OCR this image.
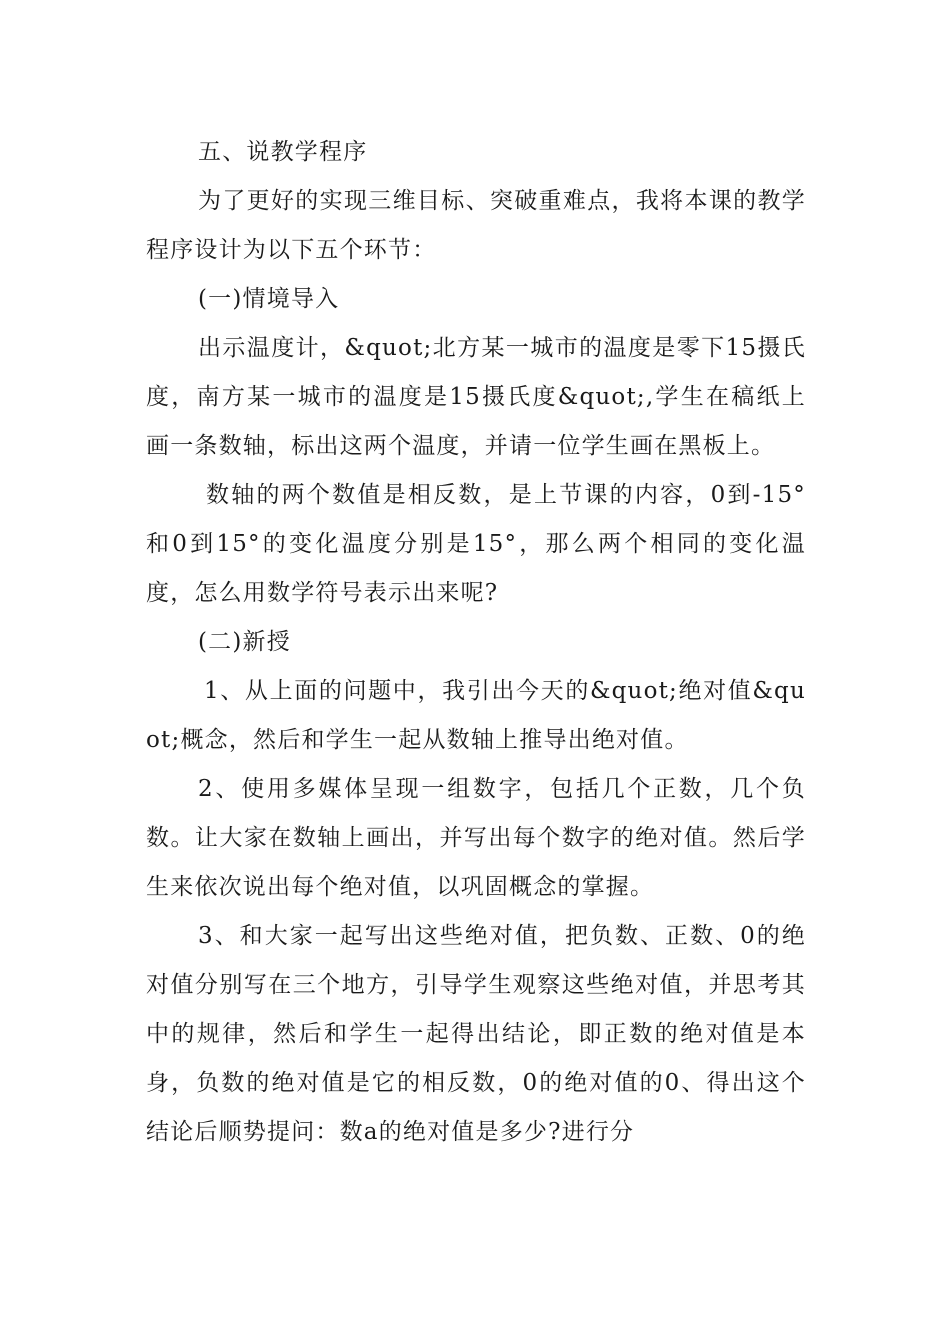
五、说教学程序

为了更好的实现三维目标、突破重难点，我将本课的教学程序设计为以下五个环节：

(一)情境导入

出示温度计，&quot;北方某一城市的温度是零下15摄氏度，南方某一城市的温度是15摄氏度&quot;,学生在稿纸上画一条数轴，标出这两个温度，并请一位学生画在黑板上。

数轴的两个数值是相反数，是上节课的内容，0到-15°和0到15°的变化温度分别是15°，那么两个相同的变化温度，怎么用数学符号表示出来呢?

(二)新授

1、从上面的问题中，我引出今天的&quot;绝对值&quot;概念，然后和学生一起从数轴上推导出绝对值。

2、使用多媒体呈现一组数字，包括几个正数，几个负数。让大家在数轴上画出，并写出每个数字的绝对值。然后学生来依次说出每个绝对值，以巩固概念的掌握。

3、和大家一起写出这些绝对值，把负数、正数、0的绝对值分别写在三个地方，引导学生观察这些绝对值，并思考其中的规律，然后和学生一起得出结论，即正数的绝对值是本身，负数的绝对值是它的相反数，0的绝对值的0、得出这个结论后顺势提问：数a的绝对值是多少?进行分
